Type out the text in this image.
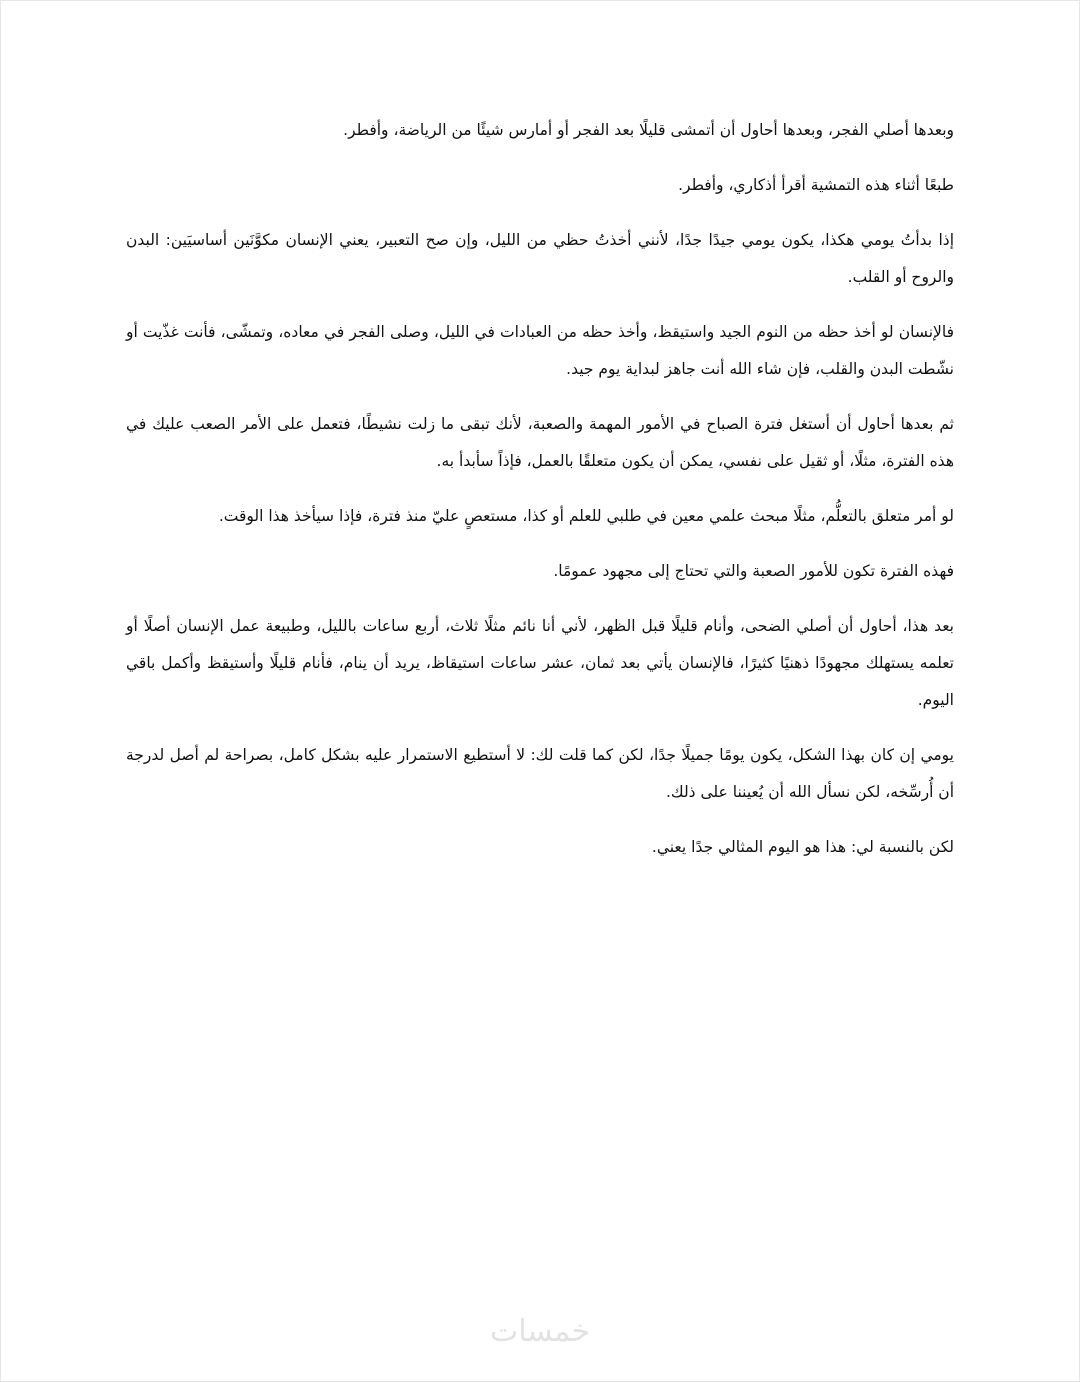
وبعدها أصلي الفجر، وبعدها أحاول أن أتمشى قليلًا بعد الفجر أو أمارس شيئًا من الرياضة، وأفطر.

طبعًا أثناء هذه التمشية أقرأ أذكاري، وأفطر.

إذا بدأتُ يومي هكذا، يكون يومي جيدًا جدًا، لأنني أخذتُ حظي من الليل، وإن صح التعبير، يعني الإنسان مكوَّنَين أساسيَين: البدن والروح أو القلب.

فالإنسان لو أخذ حظه من النوم الجيد واستيقظ، وأخذ حظه من العبادات في الليل، وصلى الفجر في معاده، وتمشّى، فأنت غذّيت أو نشّطت البدن والقلب، فإن شاء الله أنت جاهز لبداية يوم جيد.

ثم بعدها أحاول أن أستغل فترة الصباح في الأمور المهمة والصعبة، لأنك تبقى ما زلت نشيطًا، فتعمل على الأمر الصعب عليك في هذه الفترة، مثلًا، أو ثقيل على نفسي، يمكن أن يكون متعلقًا بالعمل، فإذاً سأبدأ به.

لو أمر متعلق بالتعلُّم، مثلًا مبحث علمي معين في طلبي للعلم أو كذا، مستعصٍ عليّ منذ فترة، فإذا سيأخذ هذا الوقت.

فهذه الفترة تكون للأمور الصعبة والتي تحتاج إلى مجهود عمومًا.

بعد هذا، أحاول أن أصلي الضحى، وأنام قليلًا قبل الظهر، لأني أنا نائم مثلًا ثلاث، أربع ساعات بالليل، وطبيعة عمل الإنسان أصلًا أو تعلمه يستهلك مجهودًا ذهنيًا كثيرًا، فالإنسان يأتي بعد ثمان، عشر ساعات استيقاظ، يريد أن ينام، فأنام قليلًا وأستيقظ وأكمل باقي اليوم.

يومي إن كان بهذا الشكل، يكون يومًا جميلًا جدًا، لكن كما قلت لك: لا أستطيع الاستمرار عليه بشكل كامل، بصراحة لم أصل لدرجة أن أُرسِّخه، لكن نسأل الله أن يُعيننا على ذلك.

لكن بالنسبة لي: هذا هو اليوم المثالي جدًا يعني.

خمسات
